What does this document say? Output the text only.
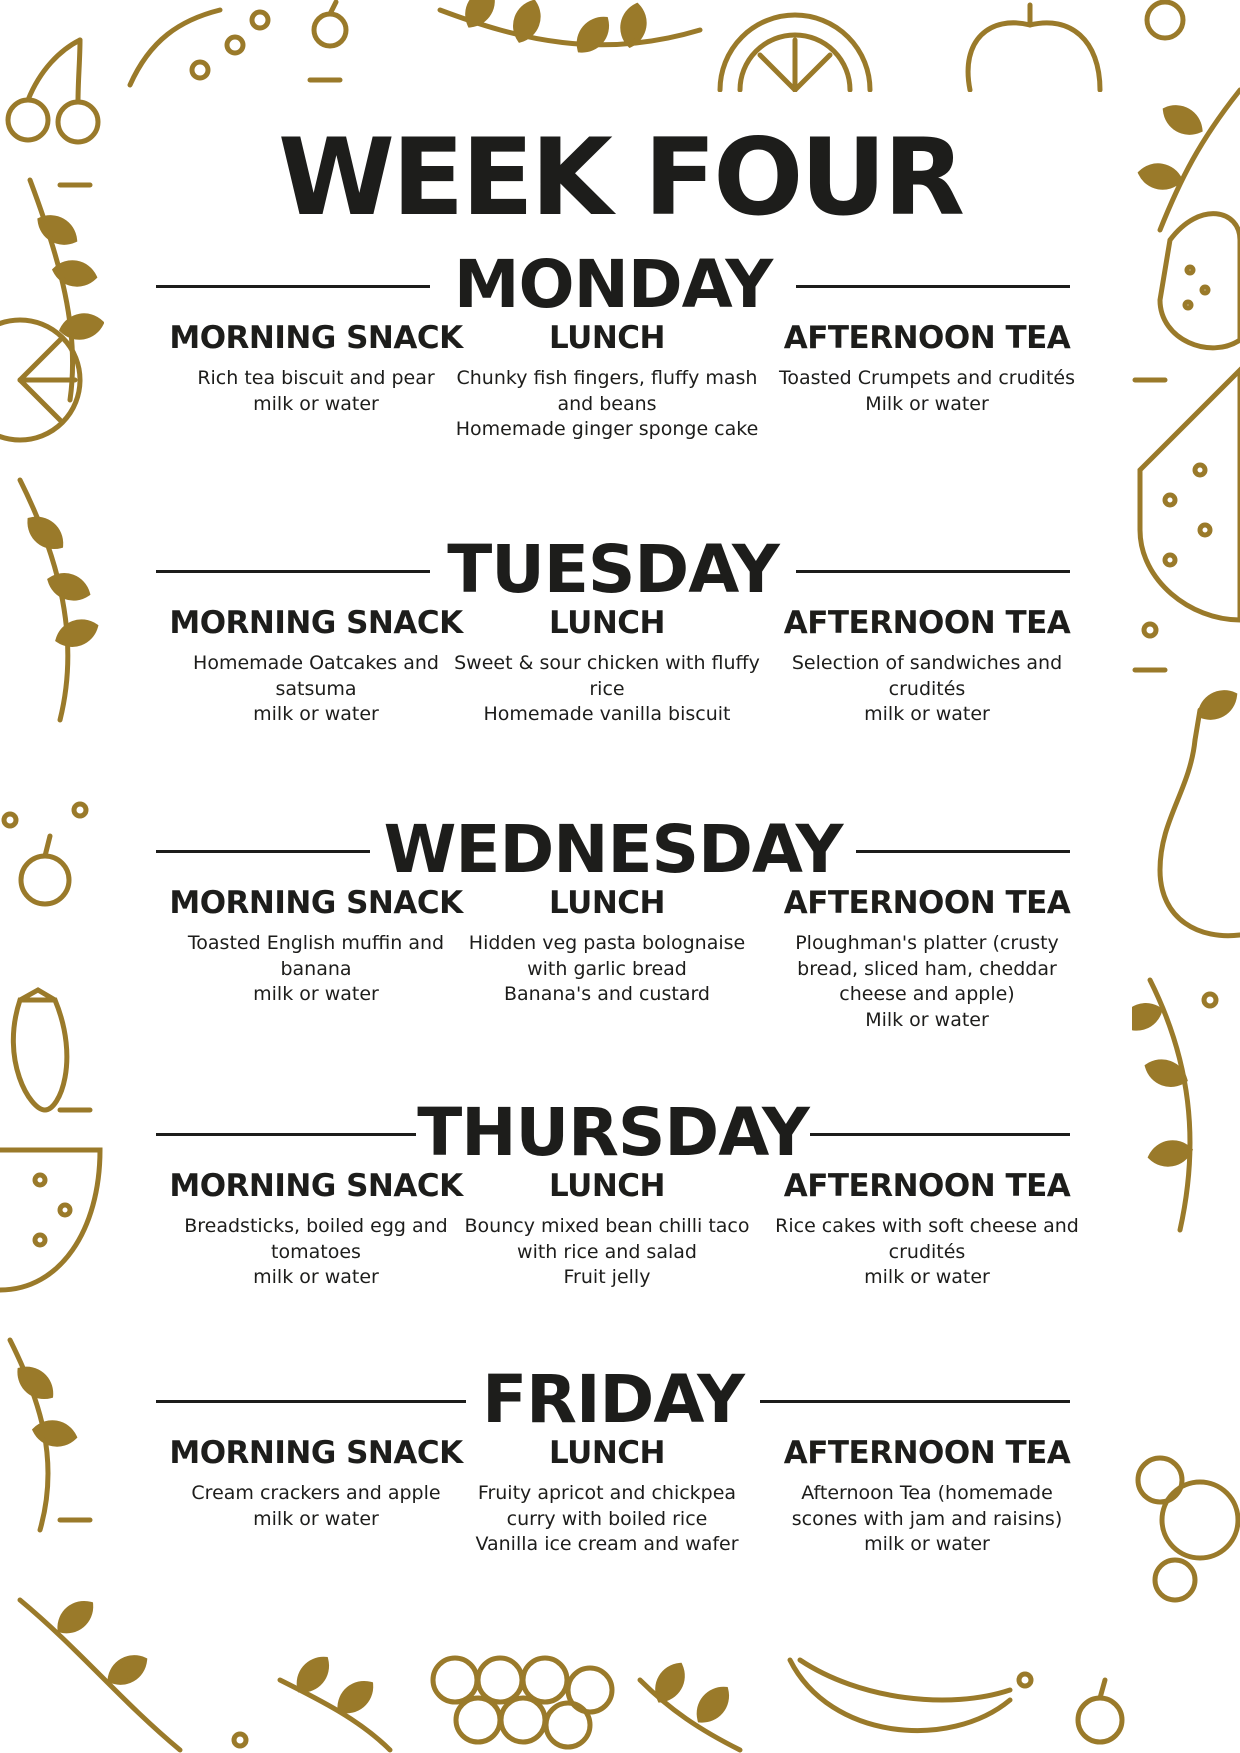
WEEK FOUR
MONDAY
MORNING SNACK
Rich tea biscuit and pear
milk or water
LUNCH
Chunky fish fingers, fluffy mash
and beans
Homemade ginger sponge cake
AFTERNOON TEA
Toasted Crumpets and crudités
Milk or water
TUESDAY
MORNING SNACK
Homemade Oatcakes and
satsuma
milk or water
LUNCH
Sweet & sour chicken with fluffy
rice
Homemade vanilla biscuit
AFTERNOON TEA
Selection of sandwiches and
crudités
milk or water
WEDNESDAY
MORNING SNACK
Toasted English muffin and
banana
milk or water
LUNCH
Hidden veg pasta bolognaise
with garlic bread
Banana's and custard
AFTERNOON TEA
Ploughman's platter (crusty
bread, sliced ham, cheddar
cheese and apple)
Milk or water
THURSDAY
MORNING SNACK
Breadsticks, boiled egg and
tomatoes
milk or water
LUNCH
Bouncy mixed bean chilli taco
with rice and salad
Fruit jelly
AFTERNOON TEA
Rice cakes with soft cheese and
crudités
milk or water
FRIDAY
MORNING SNACK
Cream crackers and apple
milk or water
LUNCH
Fruity apricot and chickpea
curry with boiled rice
Vanilla ice cream and wafer
AFTERNOON TEA
Afternoon Tea (homemade
scones with jam and raisins)
milk or water
